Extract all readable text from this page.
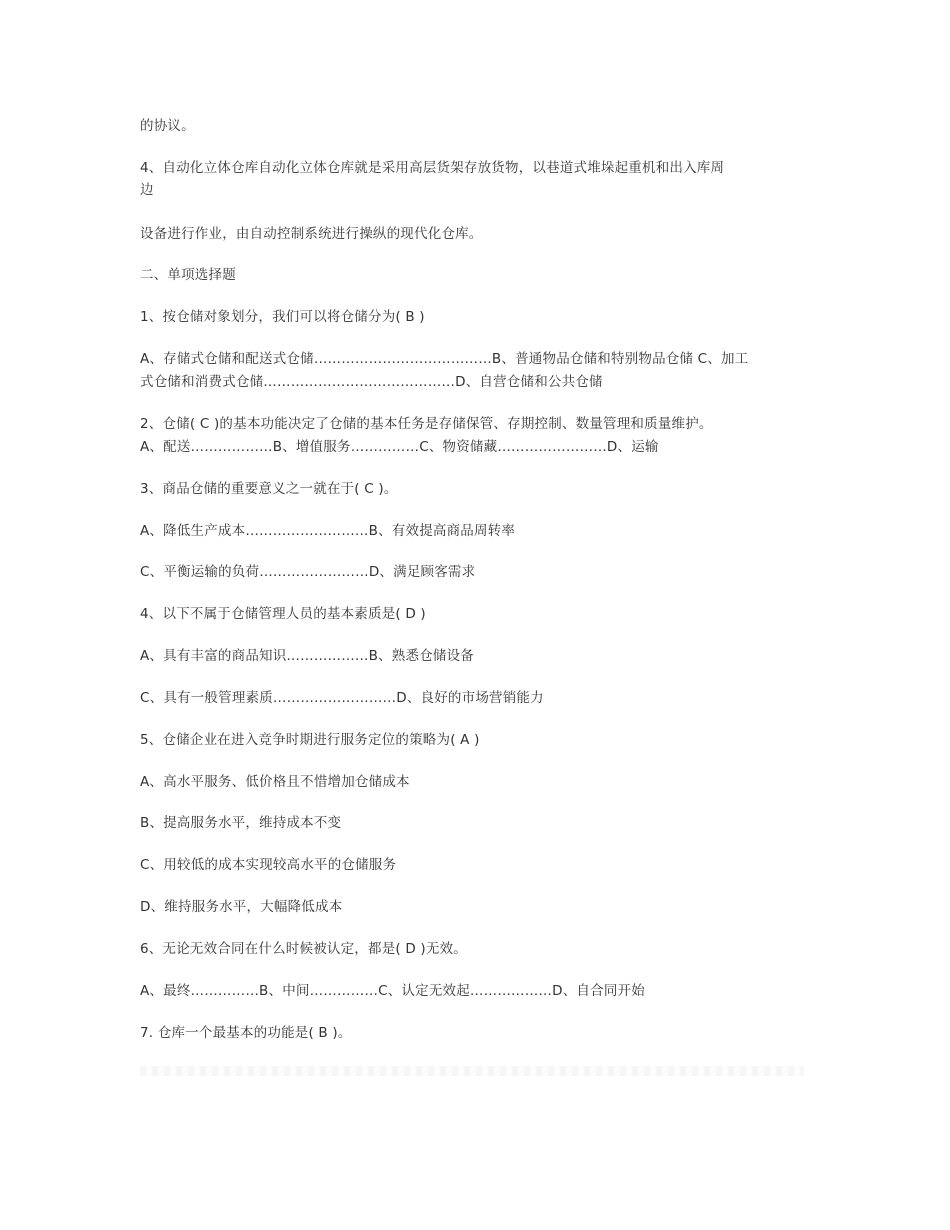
的协议。
4、自动化立体仓库自动化立体仓库就是采用高层货架存放货物，以巷道式堆垛起重机和出入库周
边
设备进行作业，由自动控制系统进行操纵的现代化仓库。
二、单项选择题
1、按仓储对象划分，我们可以将仓储分为( B )
A、存储式仓储和配送式仓储…………………………………B、普通物品仓储和特别物品仓储 C、加工
式仓储和消费式仓储……………………………………D、自营仓储和公共仓储
2、仓储( C )的基本功能决定了仓储的基本任务是存储保管、存期控制、数量管理和质量维护。
A、配送………………B、增值服务……………C、物资储藏……………………D、运输
3、商品仓储的重要意义之一就在于( C )。
A、降低生产成本………………………B、有效提高商品周转率
C、平衡运输的负荷……………………D、满足顾客需求
4、以下不属于仓储管理人员的基本素质是( D )
A、具有丰富的商品知识………………B、熟悉仓储设备
C、具有一般管理素质………………………D、良好的市场营销能力
5、仓储企业在进入竞争时期进行服务定位的策略为( A )
A、高水平服务、低价格且不惜增加仓储成本
B、提高服务水平，维持成本不变
C、用较低的成本实现较高水平的仓储服务
D、维持服务水平，大幅降低成本
6、无论无效合同在什么时候被认定，都是( D )无效。
A、最终……………B、中间……………C、认定无效起………………D、自合同开始
7. 仓库一个最基本的功能是( B )。
